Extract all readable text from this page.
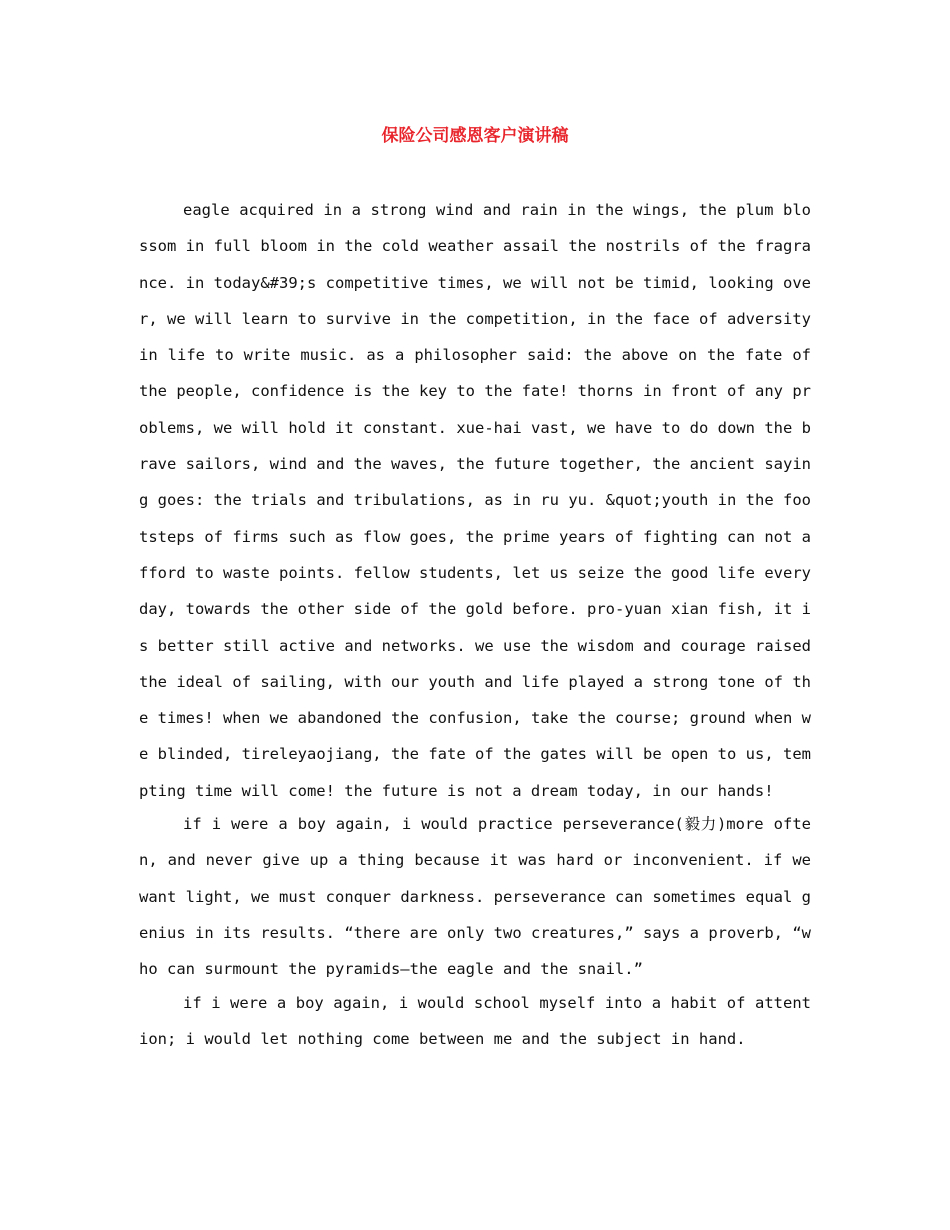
保险公司感恩客户演讲稿

eagle acquired in a strong wind and rain in the wings, the plum blossom in full bloom in the cold weather assail the nostrils of the fragrance. in today&#39;s competitive times, we will not be timid, looking over, we will learn to survive in the competition, in the face of adversity in life to write music. as a philosopher said: the above on the fate of the people, confidence is the key to the fate! thorns in front of any problems, we will hold it constant. xue-hai vast, we have to do down the brave sailors, wind and the waves, the future together, the ancient saying goes: the trials and tribulations, as in ru yu. &quot;youth in the footsteps of firms such as flow goes, the prime years of fighting can not afford to waste points. fellow students, let us seize the good life every day, towards the other side of the gold before. pro-yuan xian fish, it is better still active and networks. we use the wisdom and courage raised the ideal of sailing, with our youth and life played a strong tone of the times! when we abandoned the confusion, take the course; ground when we blinded, tireleyaojiang, the fate of the gates will be open to us, tempting time will come! the future is not a dream today, in our hands!

if i were a boy again, i would practice perseverance(毅力)more often, and never give up a thing because it was hard or inconvenient. if we want light, we must conquer darkness. perseverance can sometimes equal genius in its results. “there are only two creatures,” says a proverb, “who can surmount the pyramids—the eagle and the snail.”

if i were a boy again, i would school myself into a habit of attention; i would let nothing come between me and the subject in hand.
